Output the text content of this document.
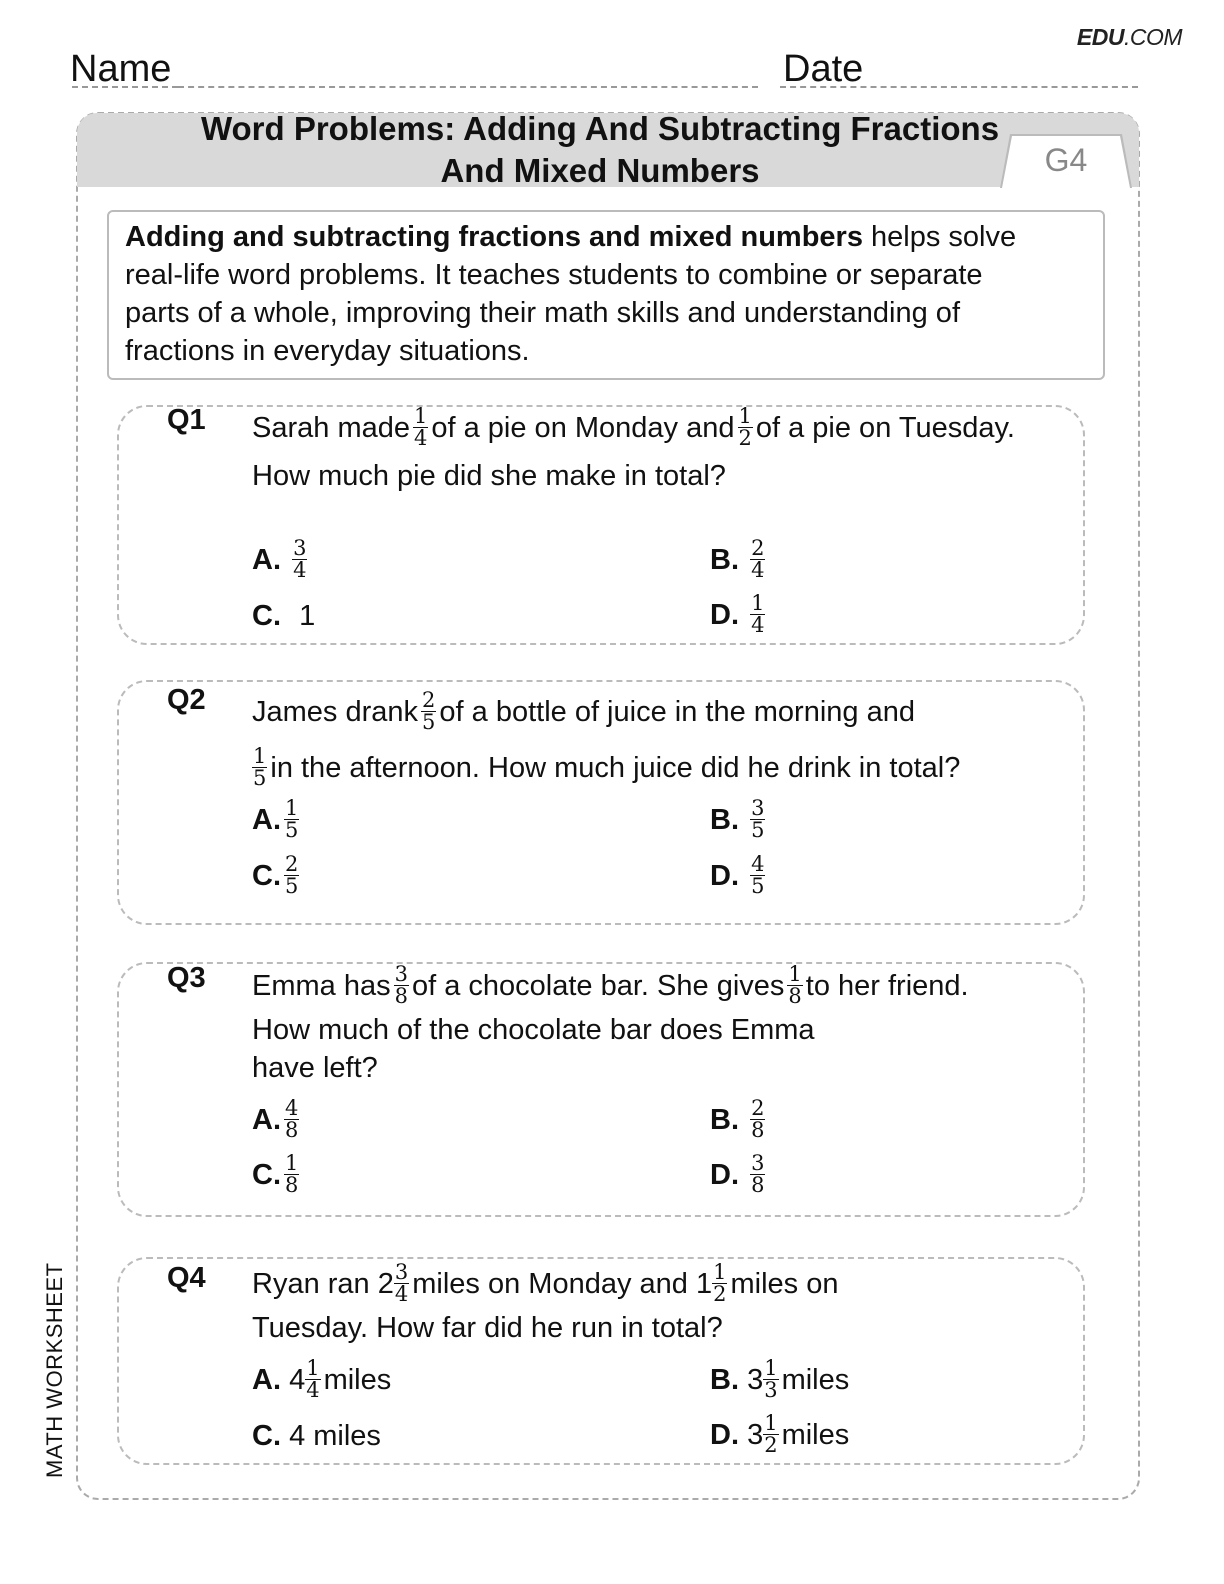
EDU.COM
Name	Date
Word Problems: Adding And Subtracting Fractions
And Mixed Numbers	G4
Adding and subtracting fractions and mixed numbers helps solve
real-life word problems. It teaches students to combine or separate
parts of a whole, improving their math skills and understanding of
fractions in everyday situations.
Q1 Sarah made $\frac{1}{4}$ of a pie on Monday and $\frac{1}{2}$ of a pie on Tuesday.
How much pie did she make in total?
A. $\frac{3}{4}$	B. $\frac{2}{4}$
C. 1	D. $\frac{1}{4}$
Q2 James drank $\frac{2}{5}$ of a bottle of juice in the morning and
$\frac{1}{5}$ in the afternoon. How much juice did he drink in total?
A. $\frac{1}{5}$	B. $\frac{3}{5}$
C. $\frac{2}{5}$	D. $\frac{4}{5}$
Q3 Emma has $\frac{3}{8}$ of a chocolate bar. She gives $\frac{1}{8}$ to her friend.
How much of the chocolate bar does Emma
have left?
A. $\frac{4}{8}$	B. $\frac{2}{8}$
C. $\frac{1}{8}$	D. $\frac{3}{8}$
Q4 Ryan ran $2 \frac{3}{4}$ miles on Monday and $1 \frac{1}{2}$ miles on
Tuesday. How far did he run in total?
A. $4 \frac{1}{4}$ miles	B. $3 \frac{1}{3}$ miles
C. 4 miles	D. $3 \frac{1}{2}$ miles
MATH WORKSHEET
